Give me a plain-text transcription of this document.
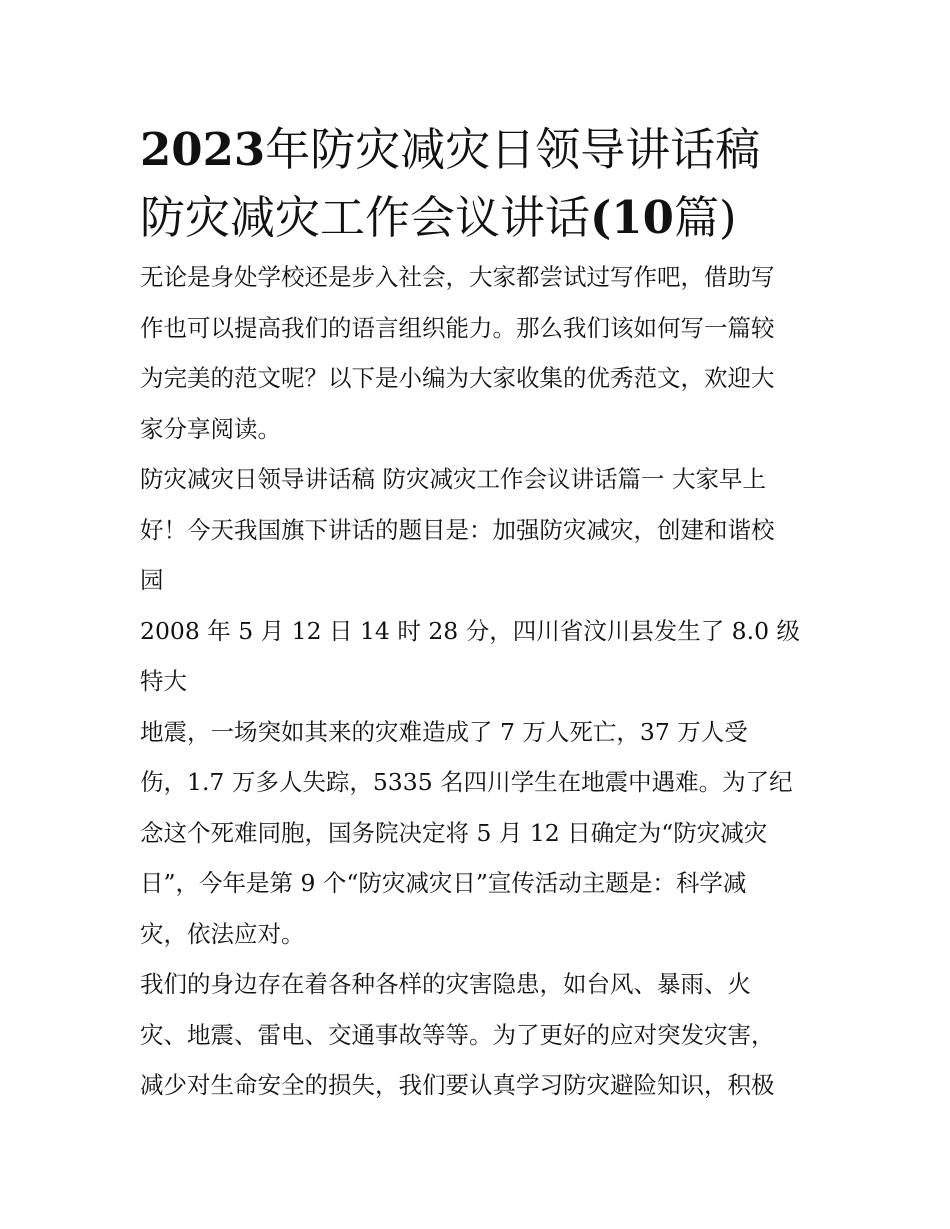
2023年防灾减灾日领导讲话稿
防灾减灾工作会议讲话(10篇)
无论是身处学校还是步入社会，大家都尝试过写作吧，借助写
作也可以提高我们的语言组织能力。那么我们该如何写一篇较
为完美的范文呢？以下是小编为大家收集的优秀范文，欢迎大
家分享阅读。
防灾减灾日领导讲话稿 防灾减灾工作会议讲话篇一 大家早上
好！今天我国旗下讲话的题目是：加强防灾减灾，创建和谐校
园
2008 年 5 月 12 日 14 时 28 分，四川省汶川县发生了 8.0 级特大
地震，一场突如其来的灾难造成了 7 万人死亡，37 万人受
伤，1.7 万多人失踪，5335 名四川学生在地震中遇难。为了纪
念这个死难同胞，国务院决定将 5 月 12 日确定为“防灾减灾
日”，今年是第 9 个“防灾减灾日”宣传活动主题是：科学减
灾，依法应对。
我们的身边存在着各种各样的灾害隐患，如台风、暴雨、火
灾、地震、雷电、交通事故等等。为了更好的应对突发灾害，
减少对生命安全的损失，我们要认真学习防灾避险知识，积极
